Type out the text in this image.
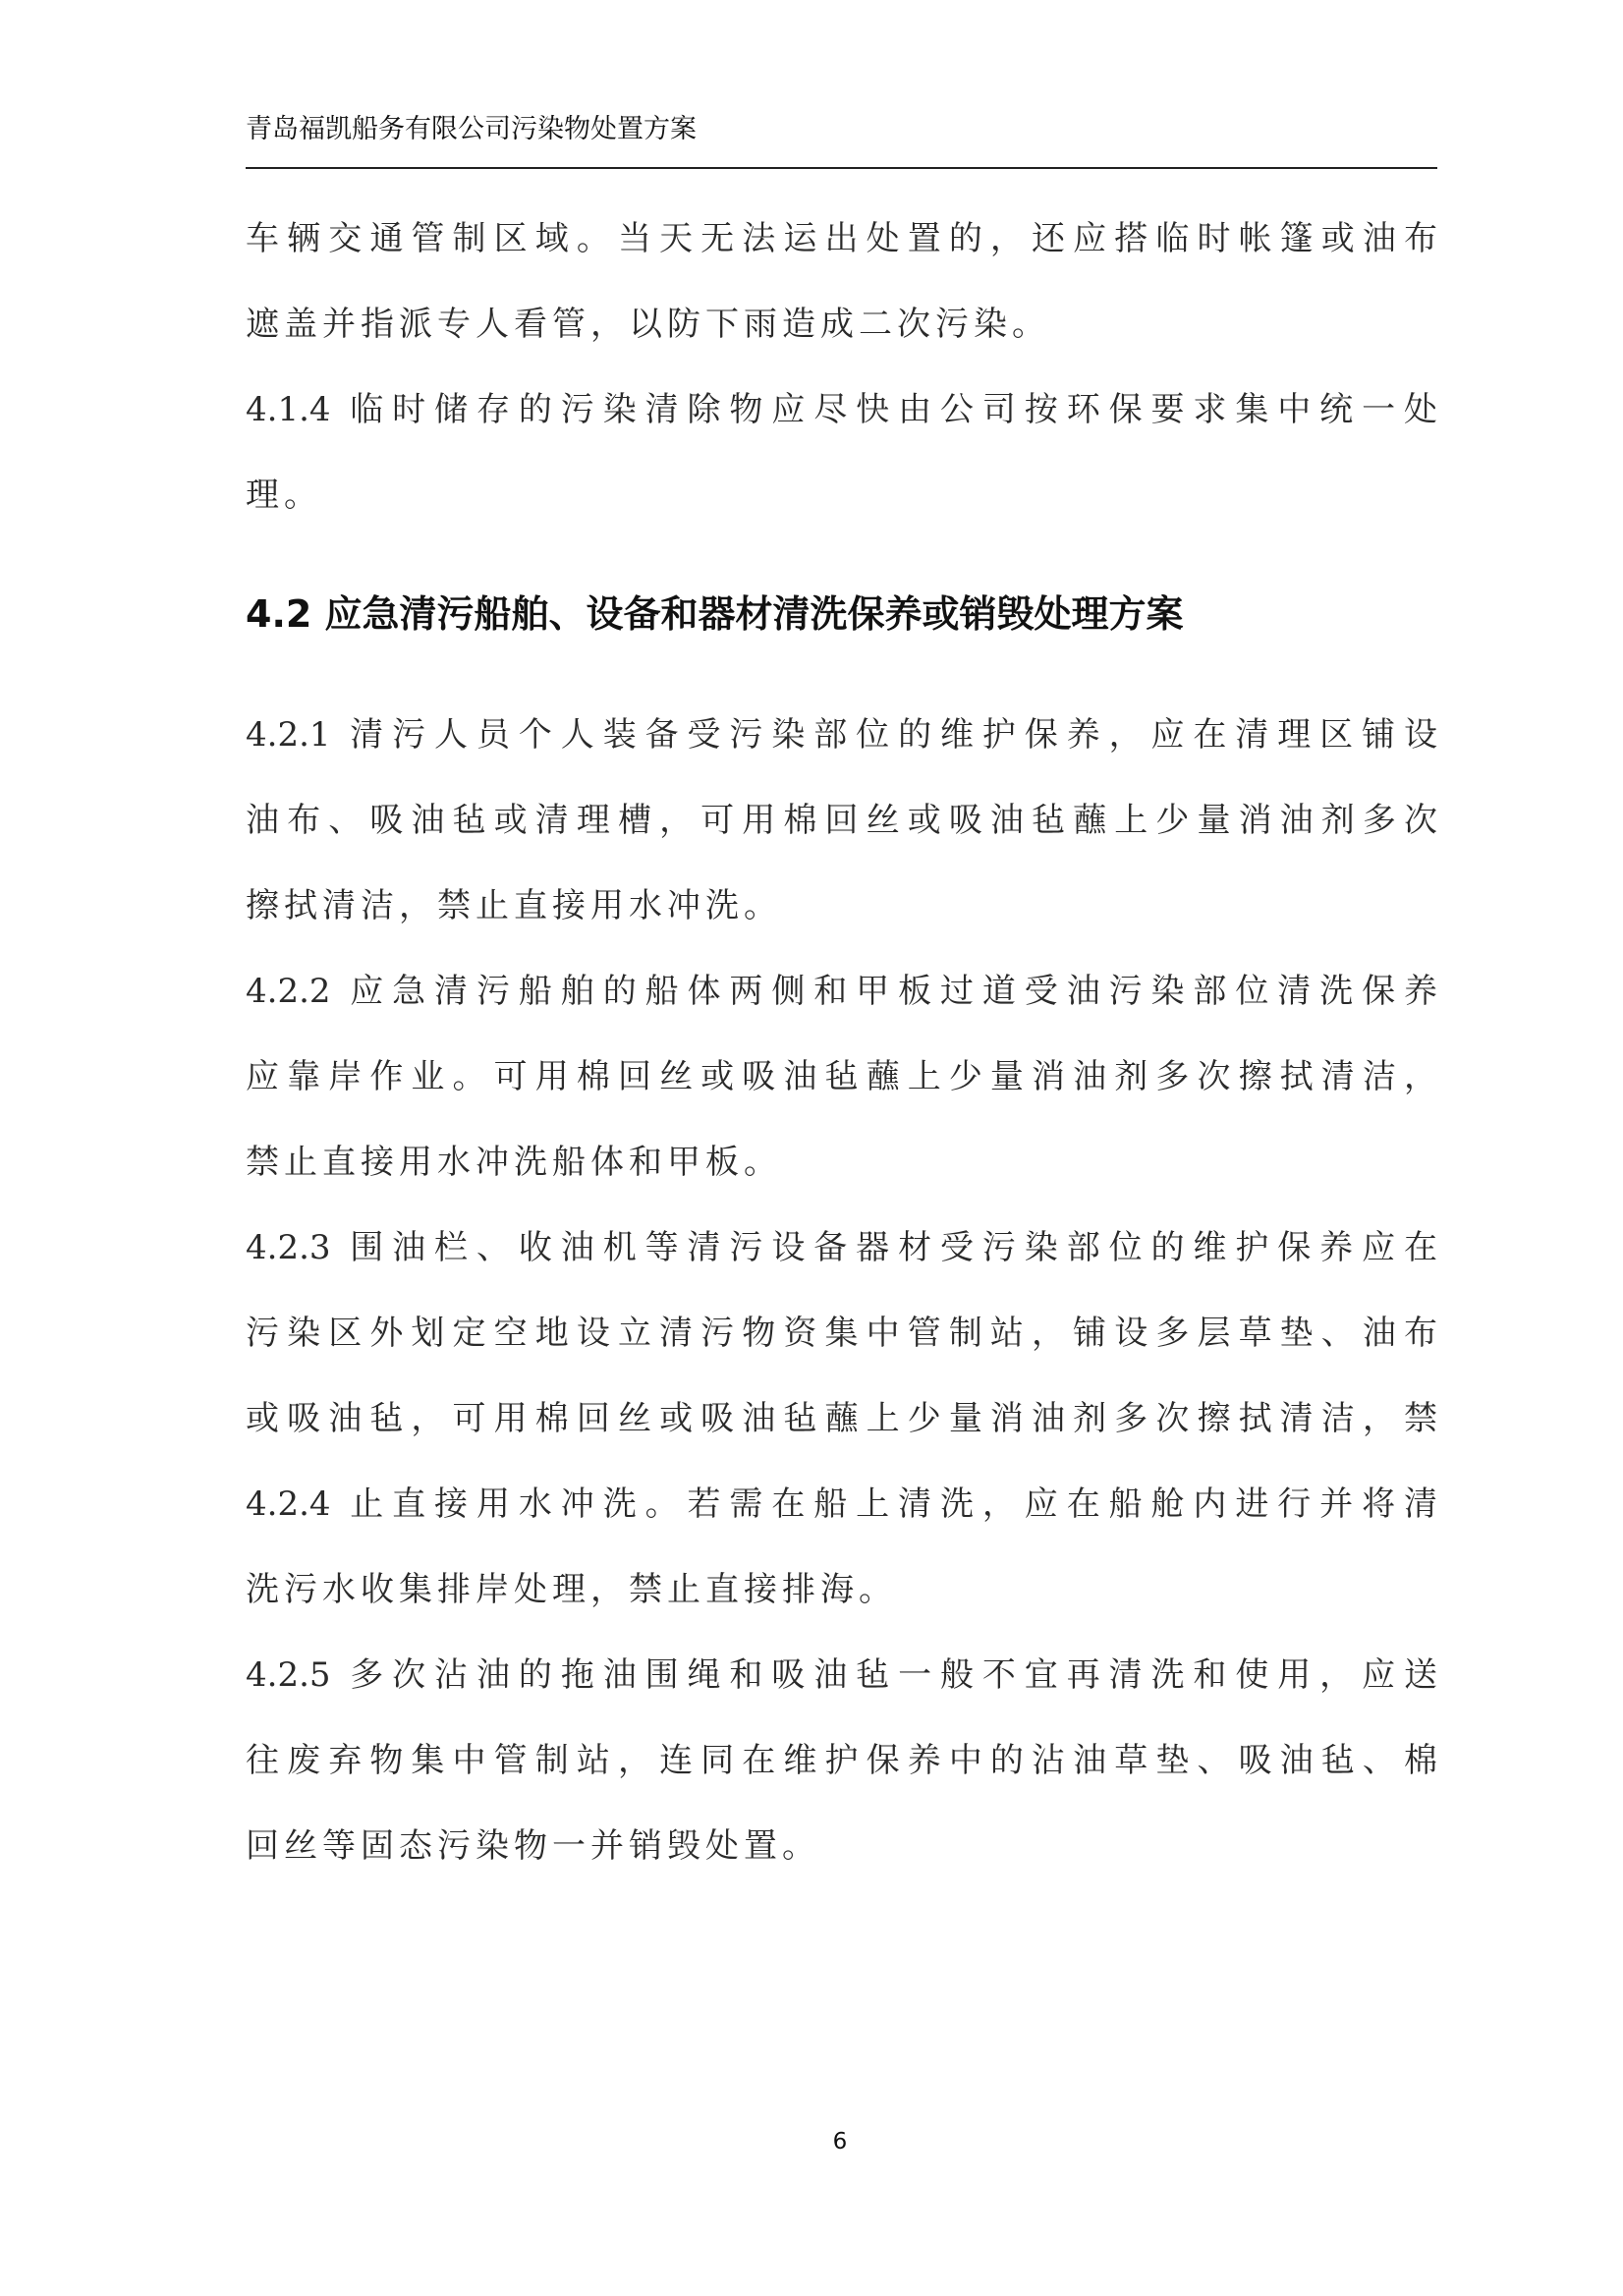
青岛福凯船务有限公司污染物处置方案
车辆交通管制区域。当天无法运出处置的，还应搭临时帐篷或油布
遮盖并指派专人看管，以防下雨造成二次污染。
4.1.4 临时储存的污染清除物应尽快由公司按环保要求集中统一处
理。
4.2 应急清污船舶、设备和器材清洗保养或销毁处理方案
4.2.1 清污人员个人装备受污染部位的维护保养，应在清理区铺设
油布、吸油毡或清理槽，可用棉回丝或吸油毡蘸上少量消油剂多次
擦拭清洁，禁止直接用水冲洗。
4.2.2 应急清污船舶的船体两侧和甲板过道受油污染部位清洗保养
应靠岸作业。可用棉回丝或吸油毡蘸上少量消油剂多次擦拭清洁，
禁止直接用水冲洗船体和甲板。
4.2.3 围油栏、收油机等清污设备器材受污染部位的维护保养应在
污染区外划定空地设立清污物资集中管制站，铺设多层草垫、油布
或吸油毡，可用棉回丝或吸油毡蘸上少量消油剂多次擦拭清洁，禁
4.2.4 止直接用水冲洗。若需在船上清洗，应在船舱内进行并将清
洗污水收集排岸处理，禁止直接排海。
4.2.5 多次沾油的拖油围绳和吸油毡一般不宜再清洗和使用，应送
往废弃物集中管制站，连同在维护保养中的沾油草垫、吸油毡、棉
回丝等固态污染物一并销毁处置。
6
